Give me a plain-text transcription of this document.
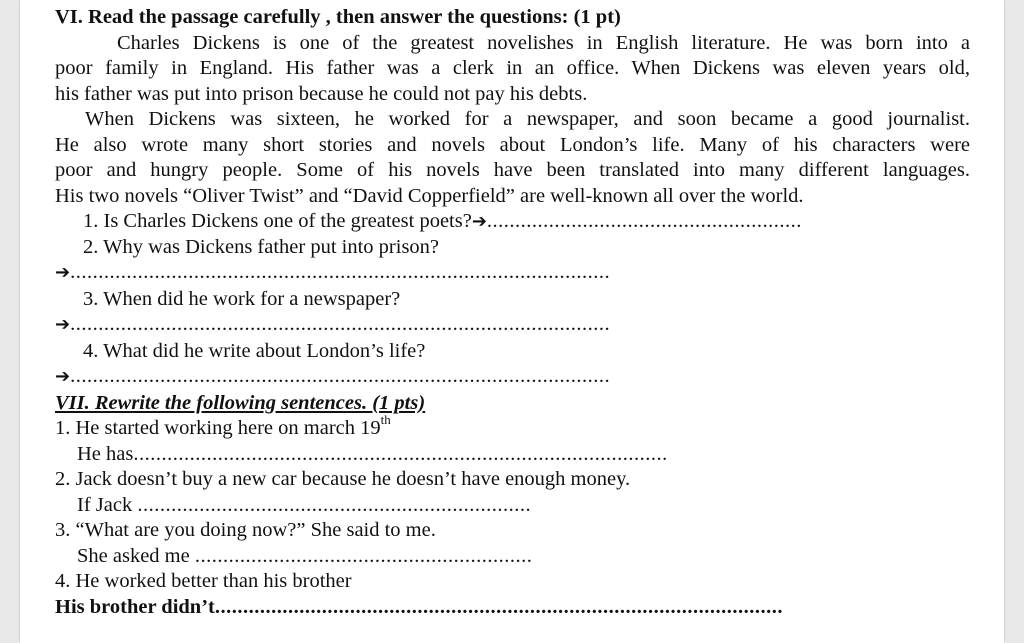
VI. Read the passage carefully , then answer the questions: (1 pt)
Charles Dickens is one of the greatest novelishes in English literature. He was born into a
poor family in England. His father was a clerk in an office. When Dickens was eleven years old,
his father was put into prison because he could not pay his debts.
When Dickens was sixteen, he worked for a newspaper, and soon became a good journalist.
He also wrote many short stories and novels about London’s life. Many of his characters were
poor and hungry people. Some of his novels have been translated into many different languages.
His two novels “Oliver Twist” and “David Copperfield” are well-known all over the world.
1. Is Charles Dickens one of the greatest poets?➔........................................................
2. Why was Dickens father put into prison?
➔................................................................................................
3. When did he work for a newspaper?
➔................................................................................................
4. What did he write about London’s life?
➔................................................................................................
VII. Rewrite the following sentences. (1 pts)
1. He started working here on march 19th
He has...............................................................................................
2. Jack doesn’t buy a new car because he doesn’t have enough money.
If Jack ......................................................................
3. “What are you doing now?” She said to me.
She asked me ............................................................
4. He worked better than his brother
His brother didn’t.....................................................................................................
